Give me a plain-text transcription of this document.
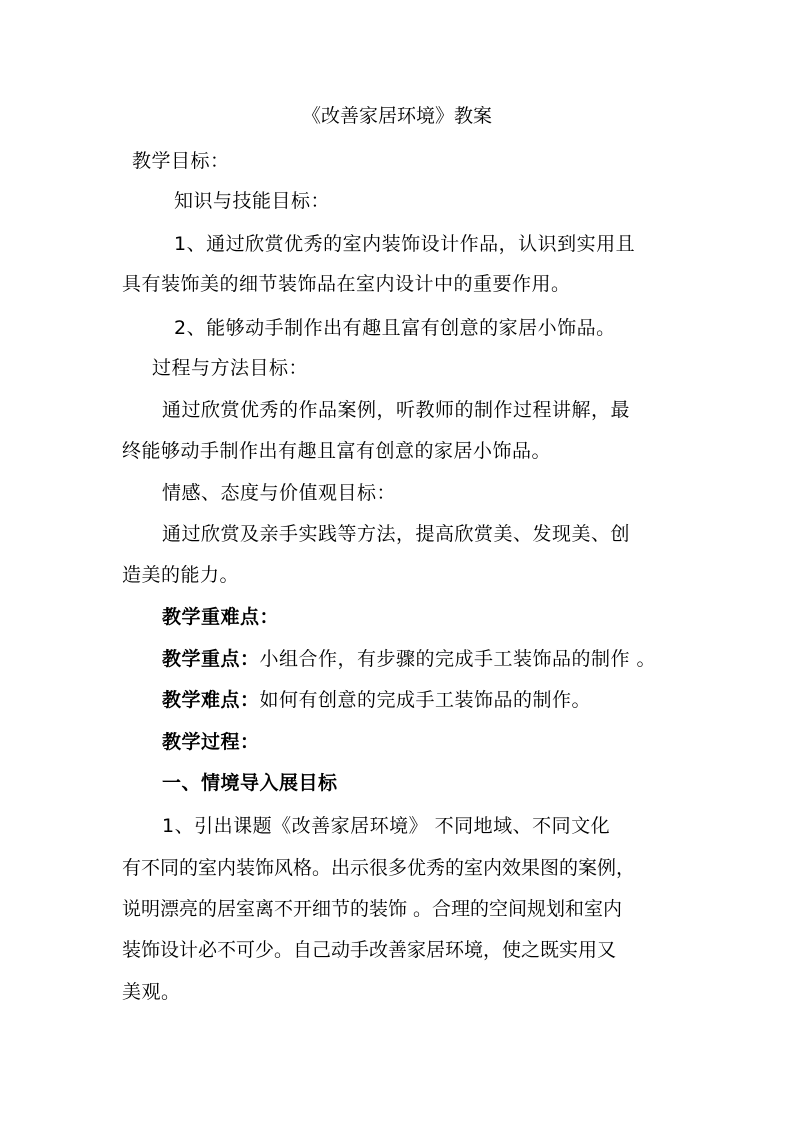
《改善家居环境》教案
教学目标：
知识与技能目标：
1、通过欣赏优秀的室内装饰设计作品，认识到实用且
具有装饰美的细节装饰品在室内设计中的重要作用。
2、能够动手制作出有趣且富有创意的家居小饰品。
过程与方法目标：
通过欣赏优秀的作品案例，听教师的制作过程讲解，最
终能够动手制作出有趣且富有创意的家居小饰品。
情感、态度与价值观目标：
通过欣赏及亲手实践等方法，提高欣赏美、发现美、创
造美的能力。
教学重难点：
教学重点：小组合作，有步骤的完成手工装饰品的制作 。
教学难点：如何有创意的完成手工装饰品的制作。
教学过程：
一、情境导入展目标
1、引出课题《改善家居环境》 不同地域、不同文化
有不同的室内装饰风格。出示很多优秀的室内效果图的案例，
说明漂亮的居室离不开细节的装饰 。合理的空间规划和室内
装饰设计必不可少。自己动手改善家居环境，使之既实用又
美观。
